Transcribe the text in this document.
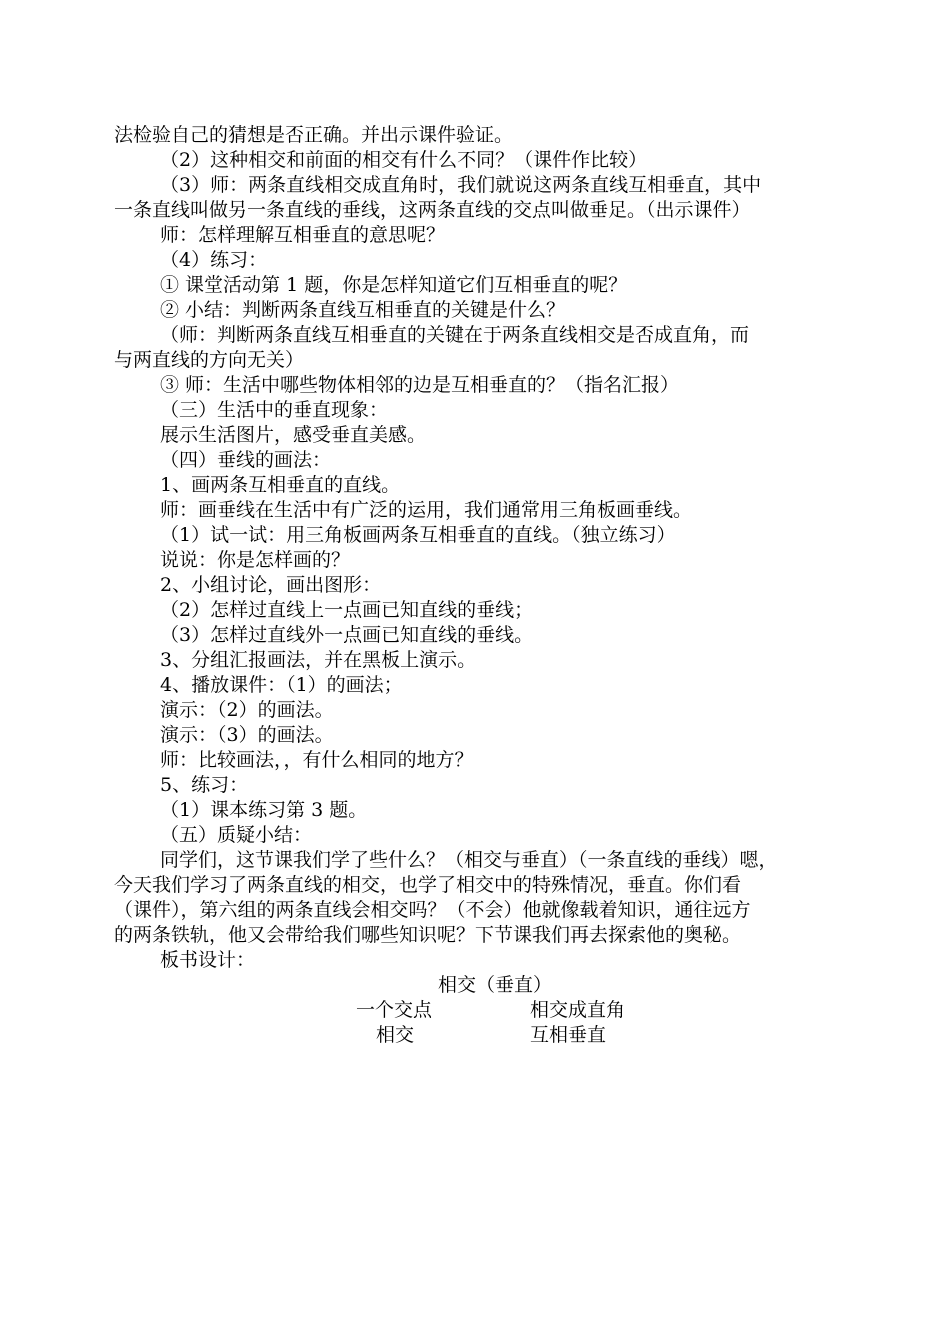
法检验自己的猜想是否正确。并出示课件验证。
（2）这种相交和前面的相交有什么不同？（课件作比较）
（3）师：两条直线相交成直角时，我们就说这两条直线互相垂直，其中
一条直线叫做另一条直线的垂线，这两条直线的交点叫做垂足。（出示课件）
师：怎样理解互相垂直的意思呢？
（4）练习：
① 课堂活动第 1 题，你是怎样知道它们互相垂直的呢？
② 小结：判断两条直线互相垂直的关键是什么？
（师：判断两条直线互相垂直的关键在于两条直线相交是否成直角，而
与两直线的方向无关）
③ 师：生活中哪些物体相邻的边是互相垂直的？（指名汇报）
（三）生活中的垂直现象：
展示生活图片，感受垂直美感。
（四）垂线的画法：
1、画两条互相垂直的直线。
师：画垂线在生活中有广泛的运用，我们通常用三角板画垂线。
（1）试一试：用三角板画两条互相垂直的直线。（独立练习）
说说：你是怎样画的？
2、小组讨论，画出图形：
（2）怎样过直线上一点画已知直线的垂线；
（3）怎样过直线外一点画已知直线的垂线。
3、分组汇报画法，并在黑板上演示。
4、播放课件：（1）的画法；
演示：（2）的画法。
演示：（3）的画法。
师：比较画法，，有什么相同的地方？
5、练习：
（1）课本练习第 3 题。
（五）质疑小结：
同学们，这节课我们学了些什么？（相交与垂直）（一条直线的垂线）嗯，
今天我们学习了两条直线的相交，也学了相交中的特殊情况，垂直。你们看
（课件），第六组的两条直线会相交吗？（不会）他就像载着知识，通往远方
的两条铁轨，他又会带给我们哪些知识呢？下节课我们再去探索他的奥秘。
板书设计：
相交（垂直）
一个交点	相交成直角
相交	互相垂直
